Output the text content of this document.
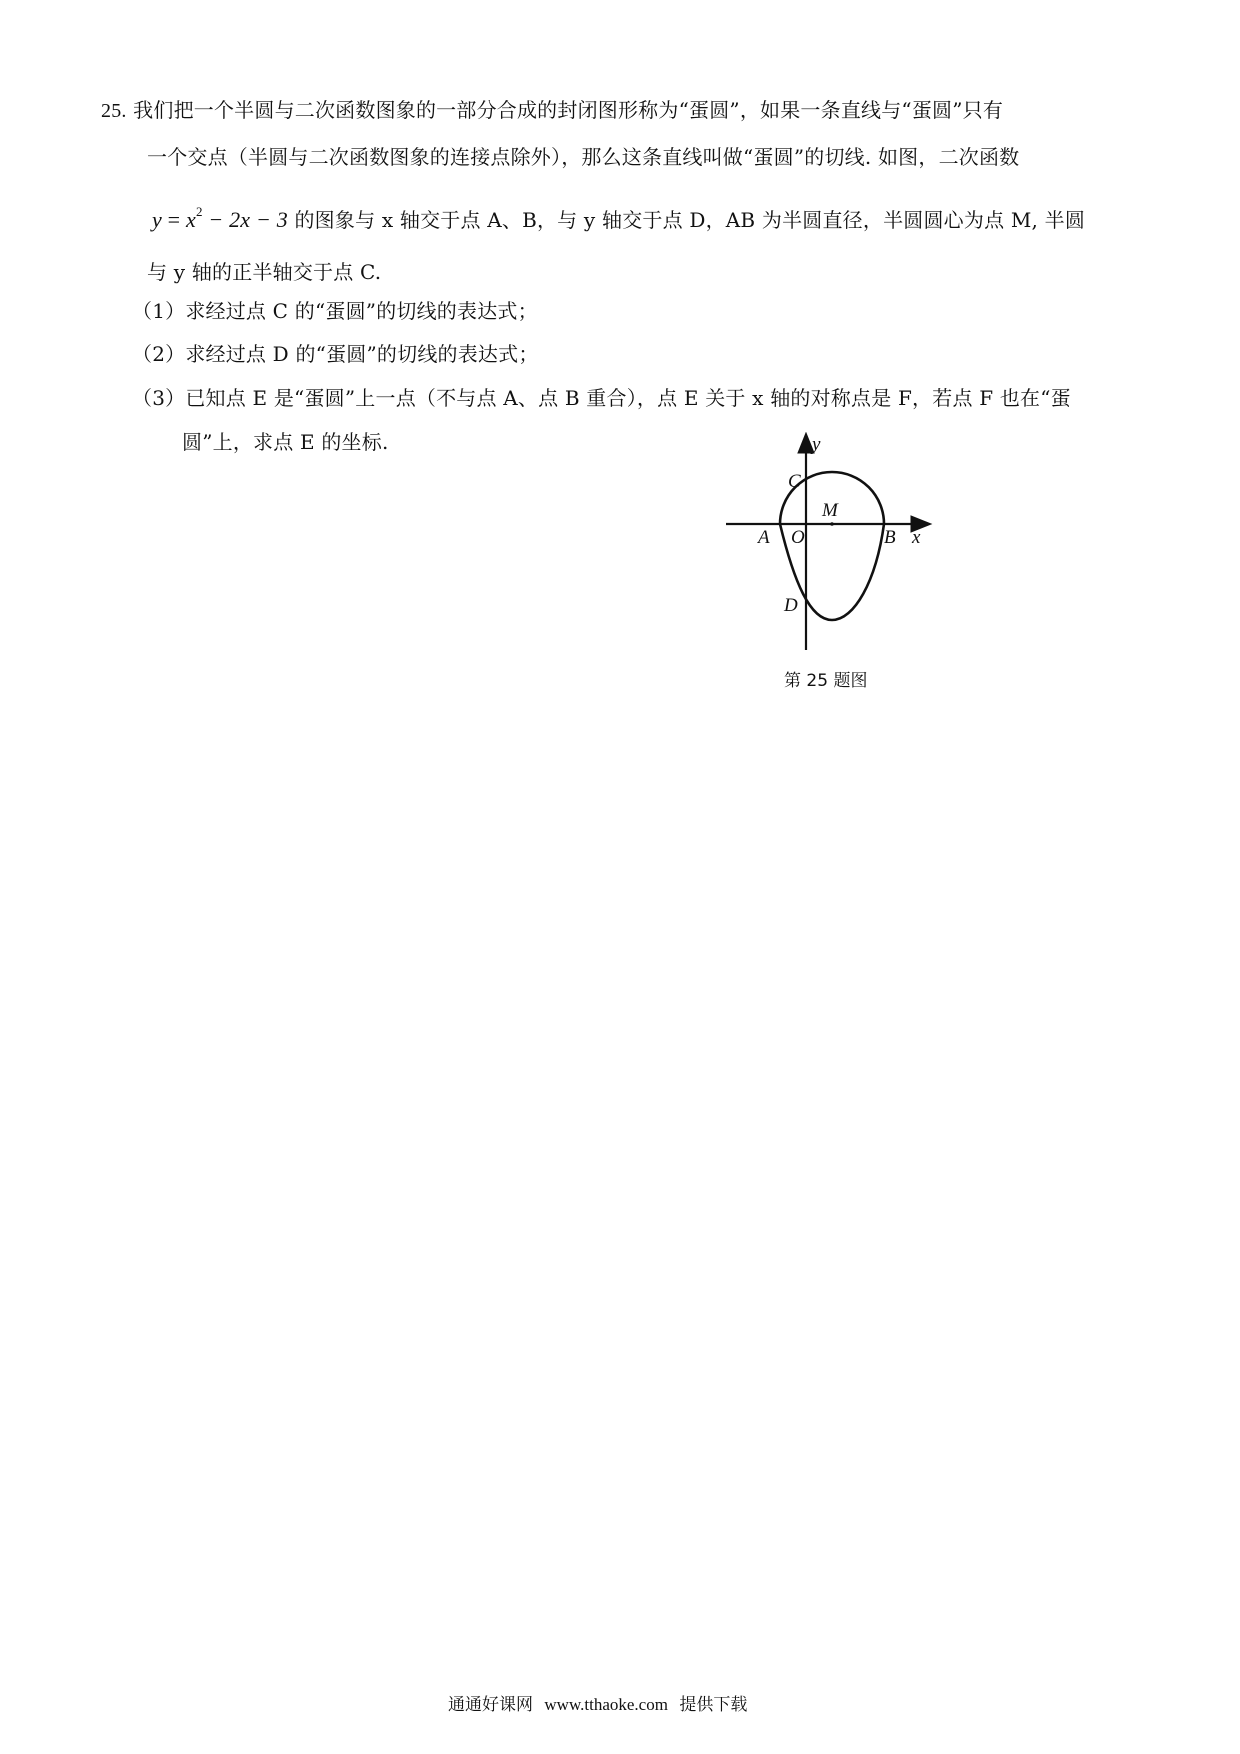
25. 我们把一个半圆与二次函数图象的一部分合成的封闭图形称为“蛋圆”，如果一条直线与“蛋圆”只有
一个交点（半圆与二次函数图象的连接点除外），那么这条直线叫做“蛋圆”的切线. 如图，二次函数
$y = x^2 - 2x - 3$ 的图象与 x 轴交于点 A、B，与 y 轴交于点 D，AB 为半圆直径，半圆圆心为点 M, 半圆
与 y 轴的正半轴交于点 C.
（1）求经过点 C 的“蛋圆”的切线的表达式；
（2）求经过点 D 的“蛋圆”的切线的表达式；
（3）已知点 E 是“蛋圆”上一点（不与点 A、点 B 重合），点 E 关于 x 轴的对称点是 F，若点 F 也在“蛋
圆”上，求点 E 的坐标.	y
x
C
M
A O	B
D
第 25 题图
通通好课网 www.tthaoke.com 提供下载
